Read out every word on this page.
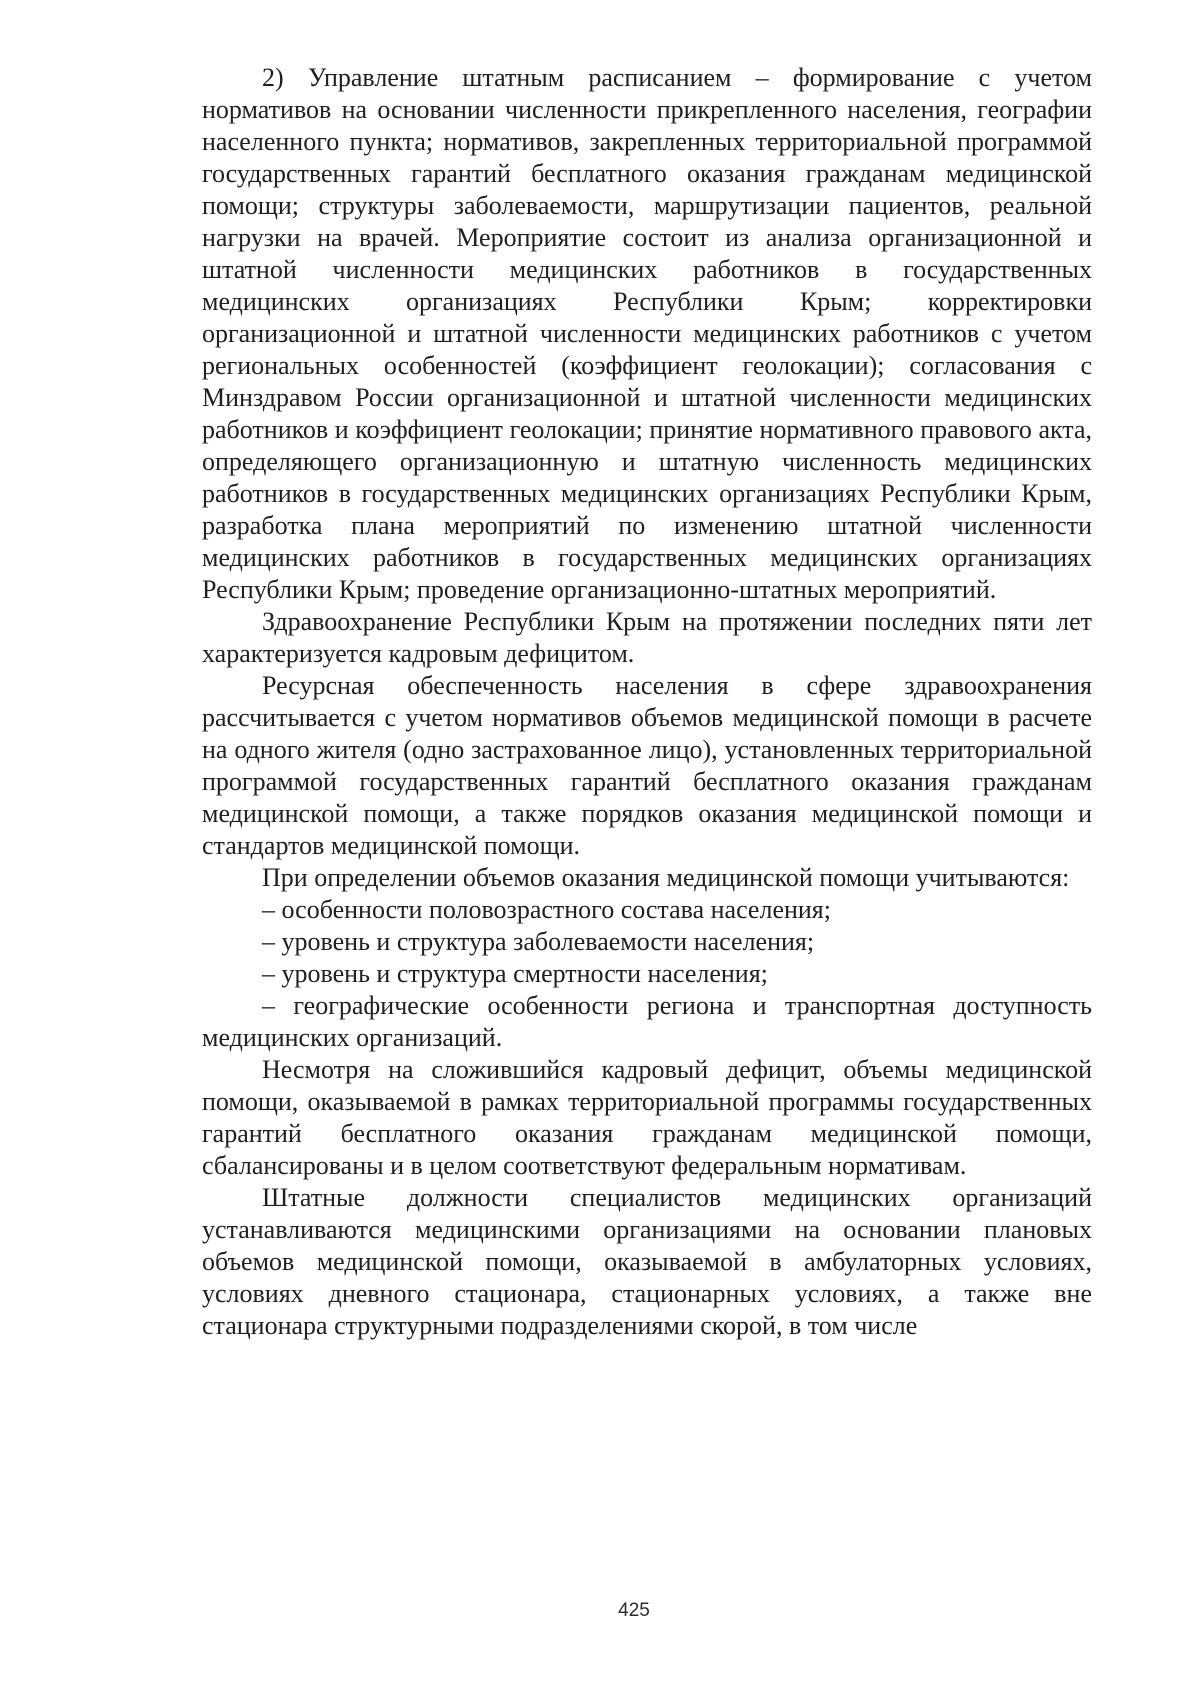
2) Управление штатным расписанием – формирование с учетом нормативов на основании численности прикрепленного населения, географии населенного пункта; нормативов, закрепленных территориальной программой государственных гарантий бесплатного оказания гражданам медицинской помощи; структуры заболеваемости, маршрутизации пациентов, реальной нагрузки на врачей. Мероприятие состоит из анализа организационной и штатной численности медицинских работников в государственных медицинских организациях Республики Крым; корректировки организационной и штатной численности медицинских работников с учетом региональных особенностей (коэффициент геолокации); согласования с Минздравом России организационной и штатной численности медицинских работников и коэффициент геолокации; принятие нормативного правового акта, определяющего организационную и штатную численность медицинских работников в государственных медицинских организациях Республики Крым, разработка плана мероприятий по изменению штатной численности медицинских работников в государственных медицинских организациях Республики Крым; проведение организационно-штатных мероприятий.

Здравоохранение Республики Крым на протяжении последних пяти лет характеризуется кадровым дефицитом.

Ресурсная обеспеченность населения в сфере здравоохранения рассчитывается с учетом нормативов объемов медицинской помощи в расчете на одного жителя (одно застрахованное лицо), установленных территориальной программой государственных гарантий бесплатного оказания гражданам медицинской помощи, а также порядков оказания медицинской помощи и стандартов медицинской помощи.

При определении объемов оказания медицинской помощи учитываются:

– особенности половозрастного состава населения;

– уровень и структура заболеваемости населения;

– уровень и структура смертности населения;

– географические особенности региона и транспортная доступность медицинских организаций.

Несмотря на сложившийся кадровый дефицит, объемы медицинской помощи, оказываемой в рамках территориальной программы государственных гарантий бесплатного оказания гражданам медицинской помощи, сбалансированы и в целом соответствуют федеральным нормативам.

Штатные должности специалистов медицинских организаций устанавливаются медицинскими организациями на основании плановых объемов медицинской помощи, оказываемой в амбулаторных условиях, условиях дневного стационара, стационарных условиях, а также вне стационара структурными подразделениями скорой, в том числе

425
